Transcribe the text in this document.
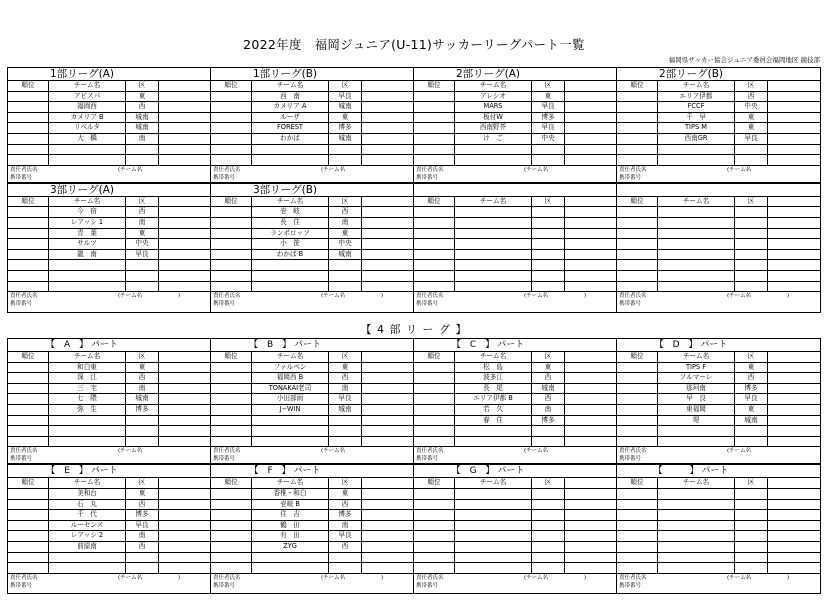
2022年度　福岡ジュニア(U-11)サッカーリーグパート一覧
福岡県サッカー協会ジュニア委員会福岡地区 競技部
1部リーグ(A)
順位	チーム名	区
アビスパ	東
福岡西	西
カメリア B	城南
リベルタ	城南
大　橋	南
責任者氏名
携帯番号
(チーム名
3部リーグ(A)
順位	チーム名	区
今　宿	西
レアッシ 1	南
青　葉	東
サルツ	中央
龍　南	早良
責任者氏名
携帯番号
(チーム名	)
1部リーグ(B)
順位	チーム名	区
西　南	早良
カメリア A	城南
ルーザ	東
FOREST	博多
わかば	城南
責任者氏名
携帯番号
(チーム名
3部リーグ(B)
順位	チーム名	区
壱　岐	西
長　住	南
ランポロッソ	東
小　笹	中央
わかば B	城南
責任者氏名
携帯番号
(チーム名	)
2部リーグ(A)
順位	チーム名	区
アレシオ	東
MARS	早良
板付W	博多
西南野芥	早良
け　ご	中央
責任者氏名
携帯番号
(チーム名
順位	チーム名	区
責任者氏名
携帯番号
(チーム名	)
2部リーグ(B)
順位	チーム名	区
エリア伊都	西
FCCF	中央
千　早	東
TIPS M	東
西南GR	早良
責任者氏名
携帯番号
(チーム名
順位	チーム名	区
責任者氏名
携帯番号
(チーム名	)
【 4 部 リ ー グ 】
【　A　】 パート
順位	チーム名	区
和白東	東
深　江	西
三　宅	南
七　隈	城南
弥　生	博多
責任者氏名
携帯番号
(チーム名
【　E　】 パート
順位	チーム名	区
美和台	東
石　丸	西
千　代	博多
ルーセンス	早良
レアッシ 2	南
前原南	西
責任者氏名
携帯番号
(チーム名	)
【　B　】 パート
順位	チーム名	区
ファルペン	東
福岡西 B	西
TONAKAI老司	南
小田部雨	早良
J−WIN	城南
責任者氏名
携帯番号
(チーム名
【　F　】 パート
順位	チーム名	区
香椎・和白	東
壱岐 B	西
住　吉	博多
鶴　田	南
有　田	早良
ZYG	西
責任者氏名
携帯番号
(チーム名	)
【　C　】 パート
順位	チーム名	区
松　島	東
波多江	西
長　尾	城南
エリア伊都 B	西
若　久	南
春　住	博多
責任者氏名
携帯番号
(チーム名
【　G　】 パート
順位	チーム名	区
責任者氏名
携帯番号
(チーム名	)
【　D　】 パート
順位	チーム名	区
TIPS F	東
ソルマーレ	西
那珂南	博多
早　良	早良
東福岡	東
堤	城南
責任者氏名
携帯番号
(チーム名
【　　　】 パート
順位	チーム名	区
責任者氏名
携帯番号
(チーム名	)
